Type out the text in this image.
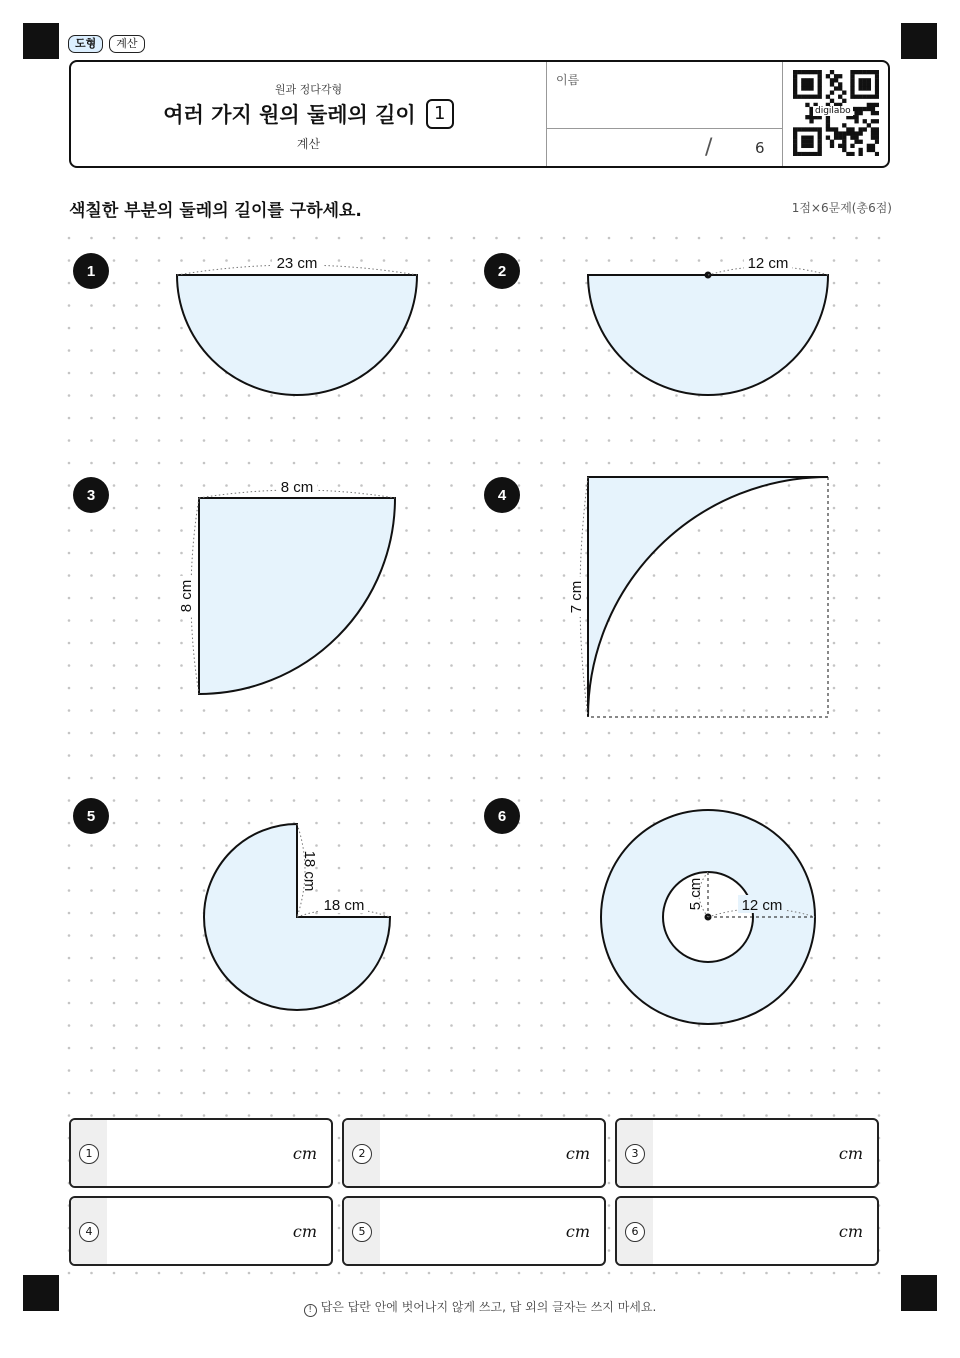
도형	계산
원과 정다각형
여러 가지 원의 둘레의 길이	1
계산
이름
/	6
digilabo
색칠한 부분의 둘레의 길이를 구하세요.	1점×6문제(총6점)
1	23 cm	2	12 cm
3	8 cm
8 cm
4
7 cm
5
18 cm
18 cm
6
12 cm
5 cm
1	cm	2	cm	3	cm
4	cm	5	cm	6	cm
! 답은 답란 안에 벗어나지 않게 쓰고, 답 외의 글자는 쓰지 마세요.
